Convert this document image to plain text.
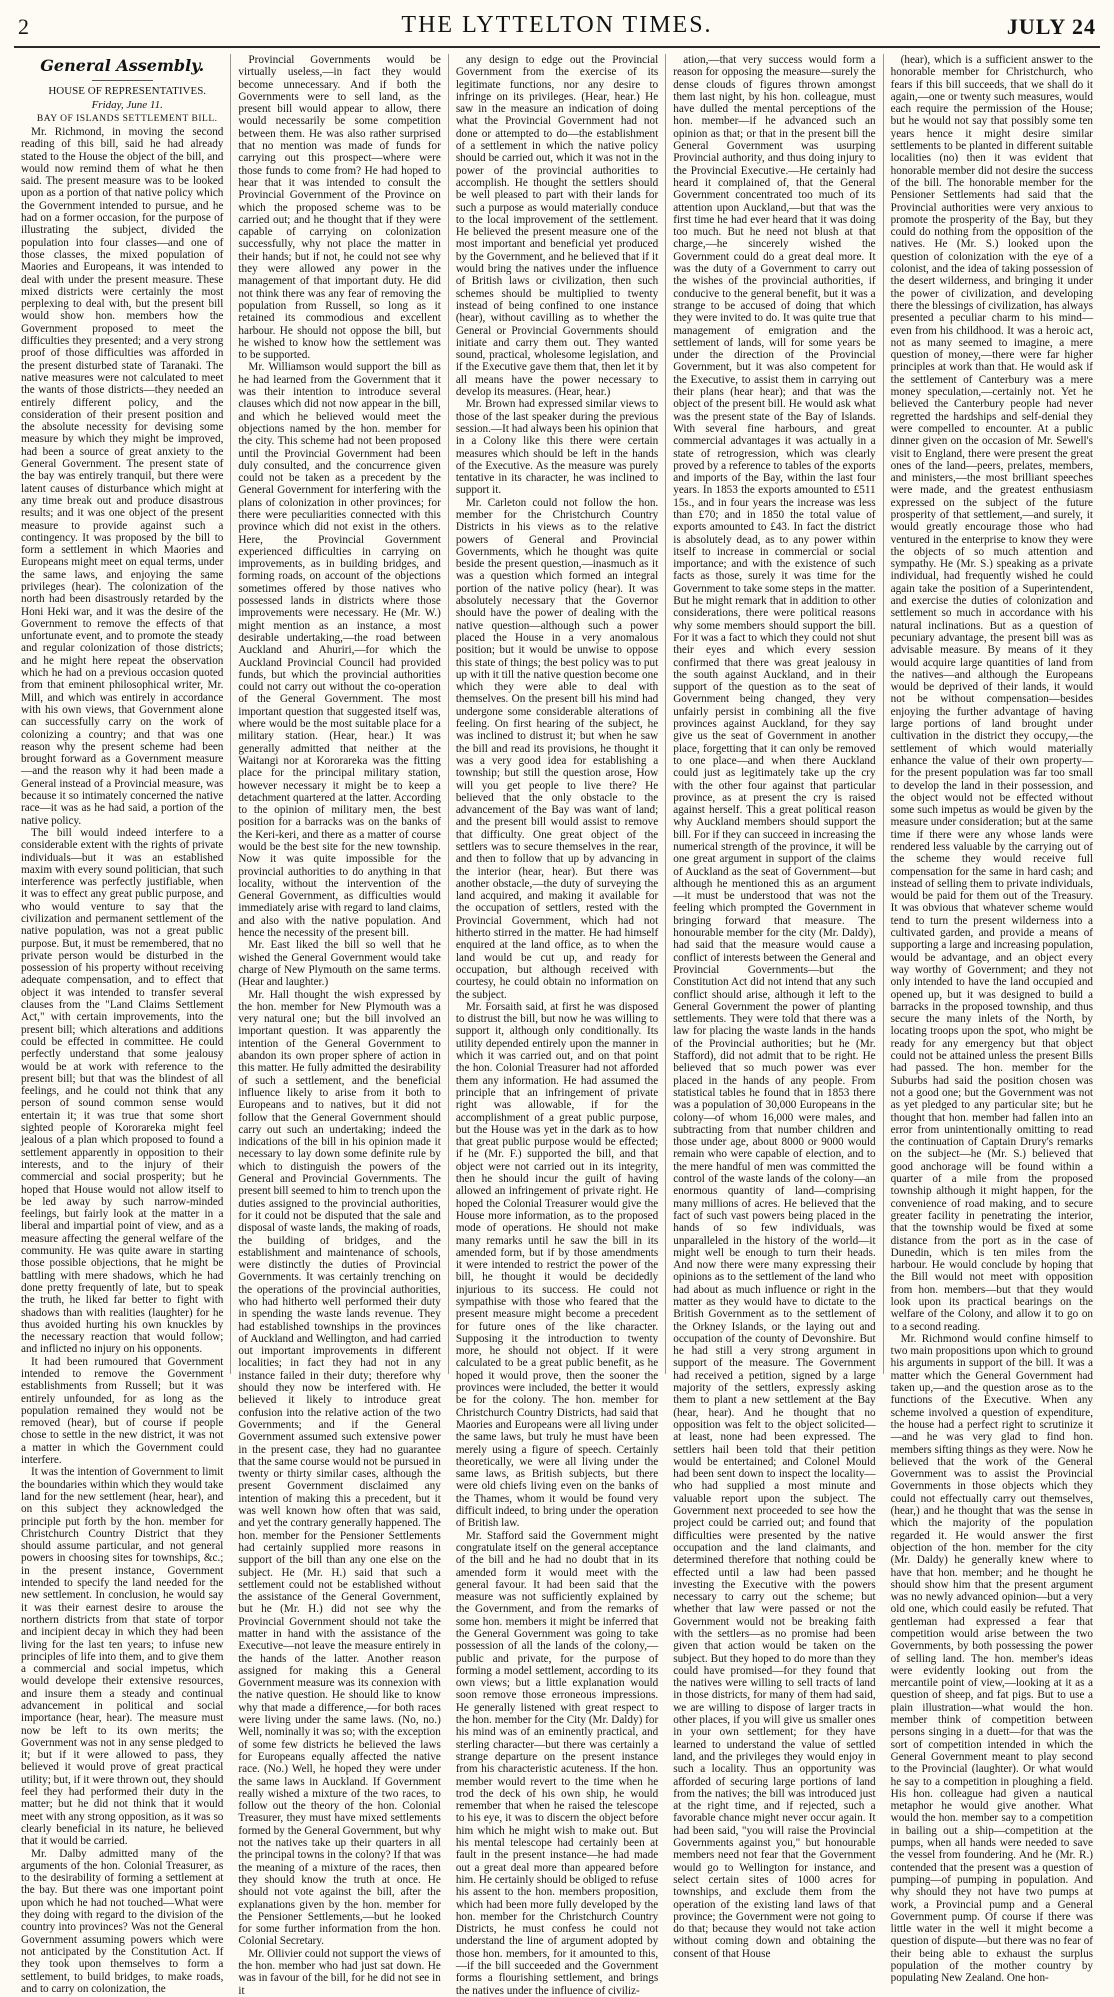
2	THE LYTTELTON TIMES.	JULY 24
General Assembly.

HOUSE OF REPRESENTATIVES.

Friday, June 11.

BAY OF ISLANDS SETTLEMENT BILL.

Mr. Richmond, in moving the second reading of this bill, said he had already stated to the House the object of the bill, and would now remind them of what he then said. The present measure was to be looked upon as a portion of that native policy which the Government intended to pursue, and he had on a former occasion, for the purpose of illustrating the subject, divided the population into four classes—and one of those classes, the mixed population of Maories and Europeans, it was intended to deal with under the present measure. These mixed districts were certainly the most perplexing to deal with, but the present bill would show hon. members how the Government proposed to meet the difficulties they presented; and a very strong proof of those difficulties was afforded in the present disturbed state of Taranaki. The native measures were not calculated to meet the wants of those districts—they needed an entirely different policy, and the consideration of their present position and the absolute necessity for devising some measure by which they might be improved, had been a source of great anxiety to the General Government. The present state of the bay was entirely tranquil, but there were latent causes of disturbance which might at any time break out and produce disastrous results; and it was one object of the present measure to provide against such a contingency. It was proposed by the bill to form a settlement in which Maories and Europeans might meet on equal terms, under the same laws, and enjoying the same privileges (hear). The colonization of the north had been disastrously retarded by the Honi Heki war, and it was the desire of the Government to remove the effects of that unfortunate event, and to promote the steady and regular colonization of those districts; and he might here repeat the observation which he had on a previous occasion quoted from that eminent philosophical writer, Mr. Mill, and which was entirely in accordance with his own views, that Government alone can successfully carry on the work of colonizing a country; and that was one reason why the present scheme had been brought forward as a Government measure—and the reason why it had been made a General instead of a Provincial measure, was because it so intimately concerned the native race—it was as he had said, a portion of the native policy.

The bill would indeed interfere to a considerable extent with the rights of private individuals—but it was an established maxim with every sound politician, that such interference was perfectly justifiable, when it was to effect any great public purpose, and who would venture to say that the civilization and permanent settlement of the native population, was not a great public purpose. But, it must be remembered, that no private person would be disturbed in the possession of his property without receiving adequate compensation, and to effect that object it was intended to transfer several clauses from the "Land Claims Settlement Act," with certain improvements, into the present bill; which alterations and additions could be effected in committee. He could perfectly understand that some jealousy would be at work with reference to the present bill; but that was the blindest of all feelings, and he could not think that any person of sound common sense would entertain it; it was true that some short sighted people of Kororareka might feel jealous of a plan which proposed to found a settlement apparently in opposition to their interests, and to the injury of their commercial and social prosperity; but he hoped that House would not allow itself to be led away by such narrow-minded feelings, but fairly look at the matter in a liberal and impartial point of view, and as a measure affecting the general welfare of the community. He was quite aware in starting those possible objections, that he might be battling with mere shadows, which he had done pretty frequently of late, but to speak the truth, he liked far better to fight with shadows than with realities (laughter) for he thus avoided hurting his own knuckles by the necessary reaction that would follow; and inflicted no injury on his opponents.

It had been rumoured that Government intended to remove the Government establishments from Russell; but it was entirely unfounded, for as long as the population remained they would not be removed (hear), but of course if people chose to settle in the new district, it was not a matter in which the Government could interfere.

It was the intention of Government to limit the boundaries within which they would take land for the new settlement (hear, hear), and on this subject they acknowledged the principle put forth by the hon. member for Christchurch Country District that they should assume particular, and not general powers in choosing sites for townships, &c.; in the present instance, Government intended to specify the land needed for the new settlement. In conclusion, he would say it was their earnest desire to arouse the northern districts from that state of torpor and incipient decay in which they had been living for the last ten years; to infuse new principles of life into them, and to give them a commercial and social impetus, which would develope their extensive resources, and insure them a steady and continual advancement in political and social importance (hear, hear). The measure must now be left to its own merits; the Government was not in any sense pledged to it; but if it were allowed to pass, they believed it would prove of great practical utility; but, if it were thrown out, they should feel they had performed their duty in the matter; but he did not think that it would meet with any strong opposition, as it was so clearly beneficial in its nature, he believed that it would be carried.

Mr. Dalby admitted many of the arguments of the hon. Colonial Treasurer, as to the desirability of forming a settlement at the bay. But there was one important point upon which he had not touched—What were they doing with regard to the division of the country into provinces? Was not the General Government assuming powers which were not anticipated by the Constitution Act. If they took upon themselves to form a settlement, to build bridges, to make roads, and to carry on colonization, the

Provincial Governments would be virtually useless,—in fact they would become unnecessary. And if both the Governments were to sell land, as the present bill would appear to allow, there would necessarily be some competition between them. He was also rather surprised that no mention was made of funds for carrying out this prospect—where were those funds to come from? He had hoped to hear that it was intended to consult the Provincial Government of the Province on which the proposed scheme was to be carried out; and he thought that if they were capable of carrying on colonization successfully, why not place the matter in their hands; but if not, he could not see why they were allowed any power in the management of that important duty. He did not think there was any fear of removing the population from Russell, so long as it retained its commodious and excellent harbour. He should not oppose the bill, but he wished to know how the settlement was to be supported.

Mr. Williamson would support the bill as he had learned from the Government that it was their intention to introduce several clauses which did not now appear in the bill, and which he believed would meet the objections named by the hon. member for the city. This scheme had not been proposed until the Provincial Government had been duly consulted, and the concurrence given could not be taken as a precedent by the General Government for interfering with the plans of colonization in other provinces; for there were peculiarities connected with this province which did not exist in the others. Here, the Provincial Government experienced difficulties in carrying on improvements, as in building bridges, and forming roads, on account of the objections sometimes offered by those natives who possessed lands in districts where those improvements were necessary. He (Mr. W.) might mention as an instance, a most desirable undertaking,—the road between Auckland and Ahuriri,—for which the Auckland Provincial Council had provided funds, but which the provincial authorities could not carry out without the co-operation of the General Government. The most important question that suggested itself was, where would be the most suitable place for a military station. (Hear, hear.) It was generally admitted that neither at the Waitangi nor at Kororareka was the fitting place for the principal military station, however necessary it might be to keep a detachment quartered at the latter. According to the opinion of military men, the best position for a barracks was on the banks of the Keri-keri, and there as a matter of course would be the best site for the new township. Now it was quite impossible for the provincial authorities to do anything in that locality, without the intervention of the General Government, as difficulties would immediately arise with regard to land claims, and also with the native population. And hence the necessity of the present bill.

Mr. East liked the bill so well that he wished the General Government would take charge of New Plymouth on the same terms. (Hear and laughter.)

Mr. Hall thought the wish expressed by the hon. member for New Plymouth was a very natural one; but the bill involved an important question. It was apparently the intention of the General Government to abandon its own proper sphere of action in this matter. He fully admitted the desirability of such a settlement, and the beneficial influence likely to arise from it both to Europeans and to natives, but it did not follow that the General Government should carry out such an undertaking; indeed the indications of the bill in his opinion made it necessary to lay down some definite rule by which to distinguish the powers of the General and Provincial Governments. The present bill seemed to him to trench upon the duties assigned to the provincial authorities, for it could not be disputed that the sale and disposal of waste lands, the making of roads, the building of bridges, and the establishment and maintenance of schools, were distinctly the duties of Provincial Governments. It was certainly trenching on the operations of the provincial authorities, who had hitherto well performed their duty in spending the waste lands revenue. They had established townships in the provinces of Auckland and Wellington, and had carried out important improvements in different localities; in fact they had not in any instance failed in their duty; therefore why should they now be interfered with. He believed it likely to introduce great confusion into the relative action of the two Governments; and if the General Government assumed such extensive power in the present case, they had no guarantee that the same course would not be pursued in twenty or thirty similar cases, although the present Government disclaimed any intention of making this a precedent, but it was well known how often that was said, and yet the contrary generally happened. The hon. member for the Pensioner Settlements had certainly supplied more reasons in support of the bill than any one else on the subject. He (Mr. H.) said that such a settlement could not be established without the assistance of the General Government, but he (Mr. H.) did not see why the Provincial Government should not take the matter in hand with the assistance of the Executive—not leave the measure entirely in the hands of the latter. Another reason assigned for making this a General Government measure was its connexion with the native question. He should like to know why that made a difference,—for both races were living under the same laws. (No, no.) Well, nominally it was so; with the exception of some few districts he believed the laws for Europeans equally affected the native race. (No.) Well, he hoped they were under the same laws in Auckland. If Government really wished a mixture of the two races, to follow out the theory of the hon. Colonial Treasurer, they must have mixed settlements formed by the General Government, but why not the natives take up their quarters in all the principal towns in the colony? If that was the meaning of a mixture of the races, then they should know the truth at once. He should not vote against the bill, after the explanations given by the hon. member for the Pensioner Settlements,—but he looked for some further information from the hon. Colonial Secretary.

Mr. Ollivier could not support the views of the hon. member who had just sat down. He was in favour of the bill, for he did not see in it

any design to edge out the Provincial Government from the exercise of its legitimate functions, nor any desire to infringe on its privileges. (Hear, hear.) He saw in the measure an indication of doing what the Provincial Government had not done or attempted to do—the establishment of a settlement in which the native policy should be carried out, which it was not in the power of the provincial authorities to accomplish. He thought the settlers should be well pleased to part with their lands for such a purpose as would materially conduce to the local improvement of the settlement. He believed the present measure one of the most important and beneficial yet produced by the Government, and he believed that if it would bring the natives under the influence of British laws or civilization, then such schemes should be multiplied to twenty instead of being confined to one instance (hear), without cavilling as to whether the General or Provincial Governments should initiate and carry them out. They wanted sound, practical, wholesome legislation, and if the Executive gave them that, then let it by all means have the power necessary to develop its measures. (Hear, hear.)

Mr. Brown had expressed similar views to those of the last speaker during the previous session.—It had always been his opinion that in a Colony like this there were certain measures which should be left in the hands of the Executive. As the measure was purely tentative in its character, he was inclined to support it.

Mr. Carleton could not follow the hon. member for the Christchurch Country Districts in his views as to the relative powers of General and Provincial Governments, which he thought was quite beside the present question,—inasmuch as it was a question which formed an integral portion of the native policy (hear). It was absolutely necessary that the Governor should have the power of dealing with the native question—although such a power placed the House in a very anomalous position; but it would be unwise to oppose this state of things; the best policy was to put up with it till the native question become one which they were able to deal with themselves. On the present bill his mind had undergone some considerable alterations of feeling. On first hearing of the subject, he was inclined to distrust it; but when he saw the bill and read its provisions, he thought it was a very good idea for establishing a township; but still the question arose, How will you get people to live there? He believed that the only obstacle to the advancement of the Bay was want of land; and the present bill would assist to remove that difficulty. One great object of the settlers was to secure themselves in the rear, and then to follow that up by advancing in the interior (hear, hear). But there was another obstacle,—the duty of surveying the land acquired, and making it available for the occupation of settlers, rested with the Provincial Government, which had not hitherto stirred in the matter. He had himself enquired at the land office, as to when the land would be cut up, and ready for occupation, but although received with courtesy, he could obtain no information on the subject.

Mr. Forsaith said, at first he was disposed to distrust the bill, but now he was willing to support it, although only conditionally. Its utility depended entirely upon the manner in which it was carried out, and on that point the hon. Colonial Treasurer had not afforded them any information. He had assumed the principle that an infringement of private right was allowable, if for the accomplishment of a great public purpose, but the House was yet in the dark as to how that great public purpose would be effected; if he (Mr. F.) supported the bill, and that object were not carried out in its integrity, then he should incur the guilt of having allowed an infringement of private right. He hoped the Colonial Treasurer would give the House more information, as to the proposed mode of operations. He should not make many remarks until he saw the bill in its amended form, but if by those amendments it were intended to restrict the power of the bill, he thought it would be decidedly injurious to its success. He could not sympathise with those who feared that the present measure might become a precedent for future ones of the like character. Supposing it the introduction to twenty more, he should not object. If it were calculated to be a great public benefit, as he hoped it would prove, then the sooner the provinces were included, the better it would be for the colony. The hon. member for Christchurch Country Districts, had said that Maories and Europeans were all living under the same laws, but truly he must have been merely using a figure of speech. Certainly theoretically, we were all living under the same laws, as British subjects, but there were old chiefs living even on the banks of the Thames, whom it would be found very difficult indeed, to bring under the operation of British law.

Mr. Stafford said the Government might congratulate itself on the general acceptance of the bill and he had no doubt that in its amended form it would meet with the general favour. It had been said that the measure was not sufficiently explained by the Government, and from the remarks of some hon. members it might be inferred that the General Government was going to take possession of all the lands of the colony,—public and private, for the purpose of forming a model settlement, according to its own views; but a little explanation would soon remove those erroneous impressions. He generally listened with great respect to the hon. member for the City (Mr. Daldy) for his mind was of an eminently practical, and sterling character—but there was certainly a strange departure on the present instance from his characteristic acuteness. If the hon. member would revert to the time when he trod the deck of his own ship, he would remember that when he raised the telescope to his eye, it was to discern the object before him which he might wish to make out. But his mental telescope had certainly been at fault in the present instance—he had made out a great deal more than appeared before him. He certainly should be obliged to refuse his assent to the hon. members proposition, which had been more fully developed by the hon. member for the Christchurch Country Districts, he must confess he could not understand the line of argument adopted by those hon. members, for it amounted to this,—if the bill succeeded and the Government forms a flourishing settlement, and brings the natives under the influence of civiliz-

ation,—that very success would form a reason for opposing the measure—surely the dense clouds of figures thrown amongst them last night, by his hon. colleague, must have dulled the mental perceptions of the hon. member—if he advanced such an opinion as that; or that in the present bill the General Government was usurping Provincial authority, and thus doing injury to the Provincial Executive.—He certainly had heard it complained of, that the General Government concentrated too much of its attention upon Auckland,—but that was the first time he had ever heard that it was doing too much. But he need not blush at that charge,—he sincerely wished the Government could do a great deal more. It was the duty of a Government to carry out the wishes of the provincial authorities, if conducive to the general benefit, but it was a strange to be accused of doing that which they were invited to do. It was quite true that management of emigration and the settlement of lands, will for some years be under the direction of the Provincial Government, but it was also competent for the Executive, to assist them in carrying out their plans (hear hear); and that was the object of the present bill. He would ask what was the present state of the Bay of Islands. With several fine harbours, and great commercial advantages it was actually in a state of retrogression, which was clearly proved by a reference to tables of the exports and imports of the Bay, within the last four years. In 1853 the exports amounted to £511 15s., and in four years the increase was less than £70; and in 1850 the total value of exports amounted to £43. In fact the district is absolutely dead, as to any power within itself to increase in commercial or social importance; and with the existence of such facts as those, surely it was time for the Government to take some steps in the matter. But he might remark that in addition to other considerations, there were political reasons why some members should support the bill. For it was a fact to which they could not shut their eyes and which every session confirmed that there was great jealousy in the south against Auckland, and in their support of the question as to the seat of Government being changed, they very unfairly persist in combining all the five provinces against Auckland, for they say give us the seat of Government in another place, forgetting that it can only be removed to one place—and when there Auckland could just as legitimately take up the cry with the other four against that particular province, as at present the cry is raised against herself. This a great political reason why Auckland members should support the bill. For if they can succeed in increasing the numerical strength of the province, it will be one great argument in support of the claims of Auckland as the seat of Government—but although he mentioned this as an argument—it must be understood that was not the feeling which prompted the Government in bringing forward that measure. The honourable member for the city (Mr. Daldy), had said that the measure would cause a conflict of interests between the General and Provincial Governments—but the Constitution Act did not intend that any such conflict should arise, although it left to the General Government the power of planting settlements. They were told that there was a law for placing the waste lands in the hands of the Provincial authorities; but he (Mr. Stafford), did not admit that to be right. He believed that so much power was ever placed in the hands of any people. From statistical tables he found that in 1853 there was a population of 30,000 Europeans in the colony—of whom 16,000 were males, and subtracting from that number children and those under age, about 8000 or 9000 would remain who were capable of election, and to the mere handful of men was committed the control of the waste lands of the colony—an enormous quantity of land—comprising many millions of acres. He believed that the fact of such vast powers being placed in the hands of so few individuals, was unparalleled in the history of the world—it might well be enough to turn their heads. And now there were many expressing their opinions as to the settlement of the land who had about as much influence or right in the matter as they would have to dictate to the British Government as to the settlement of the Orkney Islands, or the laying out and occupation of the county of Devonshire. But he had still a very strong argument in support of the measure. The Government had received a petition, signed by a large majority of the settlers, expressly asking them to plant a new settlement at the Bay (hear, hear). And he thought that no opposition was felt to the object solicited—at least, none had been expressed. The settlers hail been told that their petition would be entertained; and Colonel Mould had been sent down to inspect the locality—who had supplied a most minute and valuable report upon the subject. The Government next proceeded to see how the project could be carried out; and found that difficulties were presented by the native occupation and the land claimants, and determined therefore that nothing could be effected until a law had been passed investing the Executive with the powers necessary to carry out the scheme; but whether that law were passed or not the Government would not be breaking faith with the settlers—as no promise had been given that action would be taken on the subject. But they hoped to do more than they could have promised—for they found that the natives were willing to sell tracts of land in those districts, for many of them had said, we are willing to dispose of larger tracts in other places, if you will give us smaller ones in your own settlement; for they have learned to understand the value of settled land, and the privileges they would enjoy in such a locality. Thus an opportunity was afforded of securing large portions of land from the natives; the bill was introduced just at the right time, and if rejected, such a favorable chance might never occur again. It had been said, "you will raise the Provincial Governments against you," but honourable members need not fear that the Government would go to Wellington for instance, and select certain sites of 1000 acres for townships, and exclude them from the operation of the existing land laws of that province; the Government were not going to do that; because they would not take action without coming down and obtaining the consent of that House

(hear), which is a sufficient answer to the honorable member for Christchurch, who fears if this bill succeeds, that we shall do it again,—one or twenty such measures, would each require the permission of the House; but he would not say that possibly some ten years hence it might desire similar settlements to be planted in different suitable localities (no) then it was evident that honorable member did not desire the success of the bill. The honorable member for the Pensioner Settlements had said that the Provincial authorities were very anxious to promote the prosperity of the Bay, but they could do nothing from the opposition of the natives. He (Mr. S.) looked upon the question of colonization with the eye of a colonist, and the idea of taking possession of the desert wilderness, and bringing it under the power of civilization, and developing there the blessings of civilization, has always presented a peculiar charm to his mind—even from his childhood. It was a heroic act, not as many seemed to imagine, a mere question of money,—there were far higher principles at work than that. He would ask if the settlement of Canterbury was a mere money speculation,—certainly not. Yet he believed the Canterbury people had never regretted the hardships and self-denial they were compelled to encounter. At a public dinner given on the occasion of Mr. Sewell's visit to England, there were present the great ones of the land—peers, prelates, members, and ministers,—the most brilliant speeches were made, and the greatest enthusiasm expressed on the subject of the future prosperity of that settlement,—and surely, it would greatly encourage those who had ventured in the enterprise to know they were the objects of so much attention and sympathy. He (Mr. S.) speaking as a private individual, had frequently wished he could again take the position of a Superintendent, and exercise the duties of colonization and settlement so much in accordance with his natural inclinations. But as a question of pecuniary advantage, the present bill was as advisable measure. By means of it they would acquire large quantities of land from the natives—and although the Europeans would be deprived of their lands, it would not be without compensation—besides enjoying the further advantage of having large portions of land brought under cultivation in the district they occupy,—the settlement of which would materially enhance the value of their own property—for the present population was far too small to develop the land in their possession, and the object would not be effected without some such impetus as would be given by the measure under consideration; but at the same time if there were any whose lands were rendered less valuable by the carrying out of the scheme they would receive full compensation for the same in hard cash; and instead of selling them to private individuals, would be paid for them out of the Treasury. It was obvious that whatever scheme would tend to turn the present wilderness into a cultivated garden, and provide a means of supporting a large and increasing population, would be advantage, and an object every way worthy of Government; and they not only intended to have the land occupied and opened up, but it was designed to build a barracks in the proposed township, and thus secure the many inlets of the North, by locating troops upon the spot, who might be ready for any emergency but that object could not be attained unless the present Bills had passed. The hon. member for the Suburbs had said the position chosen was not a good one; but the Government was not as yet pledged to any particular site; but he thought that hon. member had fallen into an error from unintentionally omitting to read the continuation of Captain Drury's remarks on the subject—he (Mr. S.) believed that good anchorage will be found within a quarter of a mile from the proposed township although it might happen, for the convenience of road making, and to secure greater facility in penetrating the interior, that the township would be fixed at some distance from the port as in the case of Dunedin, which is ten miles from the harbour. He would conclude by hoping that the Bill would not meet with opposition from hon. members—but that they would look upon its practical bearings on the welfare of the Colony, and allow it to go on to a second reading.

Mr. Richmond would confine himself to two main propositions upon which to ground his arguments in support of the bill. It was a matter which the General Government had taken up,—and the question arose as to the functions of the Executive. When any scheme involved a question of expenditure, the house had a perfect right to scrutinize it—and he was very glad to find hon. members sifting things as they were. Now he believed that the work of the General Government was to assist the Provincial Governments in those objects which they could not effectually carry out themselves, (hear,) and he thought that was the sense in which the majority of the population regarded it. He would answer the first objection of the hon. member for the city (Mr. Daldy) he generally knew where to have that hon. member; and he thought he should show him that the present argument was no newly advanced opinion—but a very old one, which could easily be refuted. That gentleman had expressed a fear that competition would arise between the two Governments, by both possessing the power of selling land. The hon. member's ideas were evidently looking out from the mercantile point of view,—looking at it as a question of sheep, and fat pigs. But to use a plain illustration—what would the hon. member think of competition between persons singing in a duett—for that was the sort of competition intended in which the General Government meant to play second to the Provincial (laughter). Or what would he say to a competition in ploughing a field. His hon. colleague had given a nautical metaphor he would give another. What would the hon. member say to a competition in bailing out a ship—competition at the pumps, when all hands were needed to save the vessel from foundering. And he (Mr. R.) contended that the present was a question of pumping—of pumping in population. And why should they not have two pumps at work, a Provincial pump and a General Government pump. Of course if there was little water in the well it might become a question of dispute—but there was no fear of their being able to exhaust the surplus population of the mother country by populating New Zealand. One hon-
